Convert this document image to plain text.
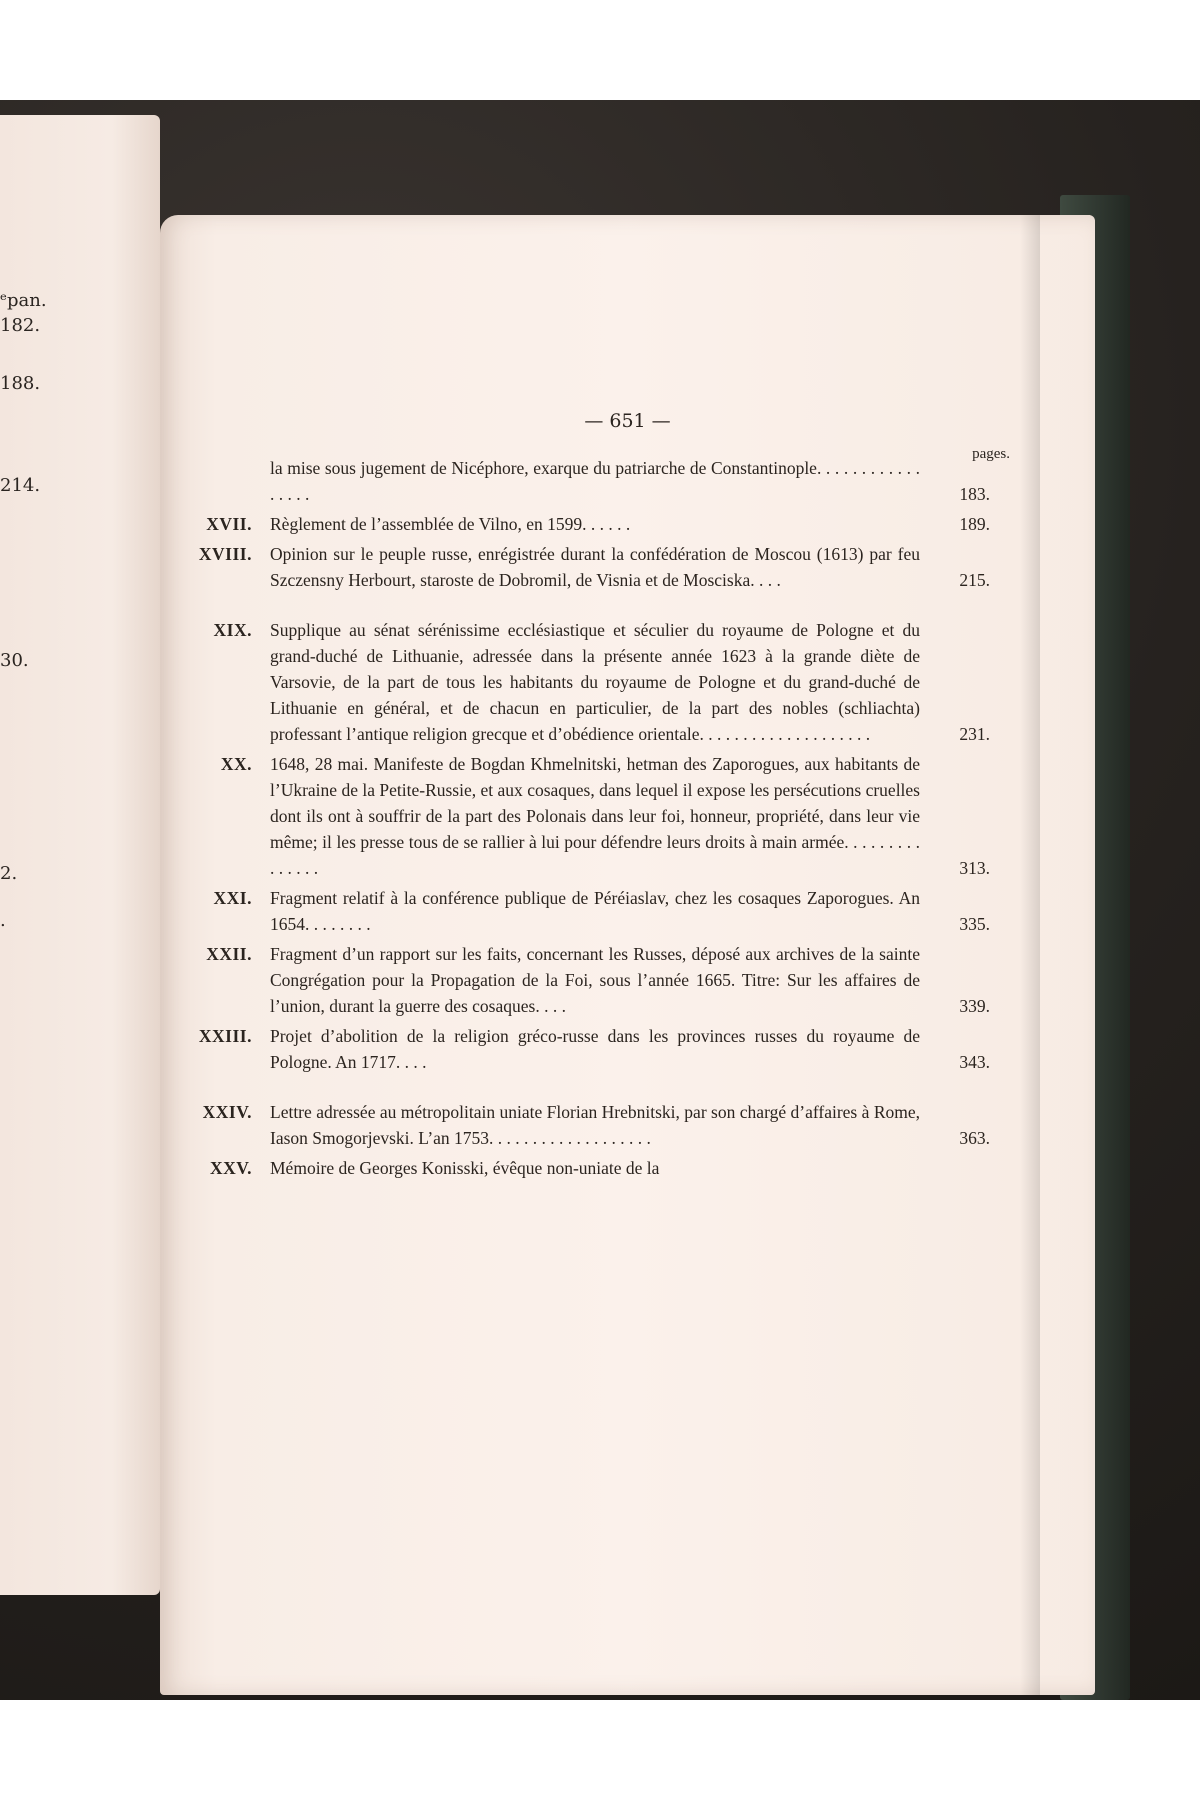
ᵉрan.
182.
188.
214.
30.
2.
.
— 651 —
pages.
la mise sous jugement de Nicéphore, exarque du patriarche de Constantinople. . . . . . . . . . . . . . . . .	183.
XVII. Règlement de l’assemblée de Vilno, en 1599. . . . . .	189.
XVIII. Opinion sur le peuple russe, enrégistrée durant la confédération de Moscou (1613) par feu Szczensny Herbourt, staroste de Dobromil, de Visnia et de Mosciska. . . .	215.
XIX. Supplique au sénat sérénissime ecclésiastique et séculier du royaume de Pologne et du grand-duché de Lithuanie, adressée dans la présente année 1623 à la grande diète de Varsovie, de la part de tous les habitants du royaume de Pologne et du grand-duché de Lithuanie en général, et de chacun en particulier, de la part des nobles (schliachta) professant l’antique religion grecque et d’obédience orientale. . . . . . . . . . . . . . . . . . . .	231.
XX. 1648, 28 mai. Manifeste de Bogdan Khmelnitski, hetman des Zaporogues, aux habitants de l’Ukraine de la Petite-Russie, et aux cosaques, dans lequel il expose les persécutions cruelles dont ils ont à souffrir de la part des Polonais dans leur foi, honneur, propriété, dans leur vie même; il les presse tous de se rallier à lui pour défendre leurs droits à main armée. . . . . . . . . . . . . . .	313.
XXI. Fragment relatif à la conférence publique de Péréiaslav, chez les cosaques Zaporogues. An 1654. . . . . . . .	335.
XXII. Fragment d’un rapport sur les faits, concernant les Russes, déposé aux archives de la sainte Congrégation pour la Propagation de la Foi, sous l’année 1665. Titre: Sur les affaires de l’union, durant la guerre des cosaques. . . .	339.
XXIII. Projet d’abolition de la religion gréco-russe dans les provinces russes du royaume de Pologne. An 1717. . . .	343.
XXIV. Lettre adressée au métropolitain uniate Florian Hrebnitski, par son chargé d’affaires à Rome, Iason Smogorjevski. L’an 1753. . . . . . . . . . . . . . . . . . .	363.
XXV. Mémoire de Georges Konisski, évêque non-uniate de la
